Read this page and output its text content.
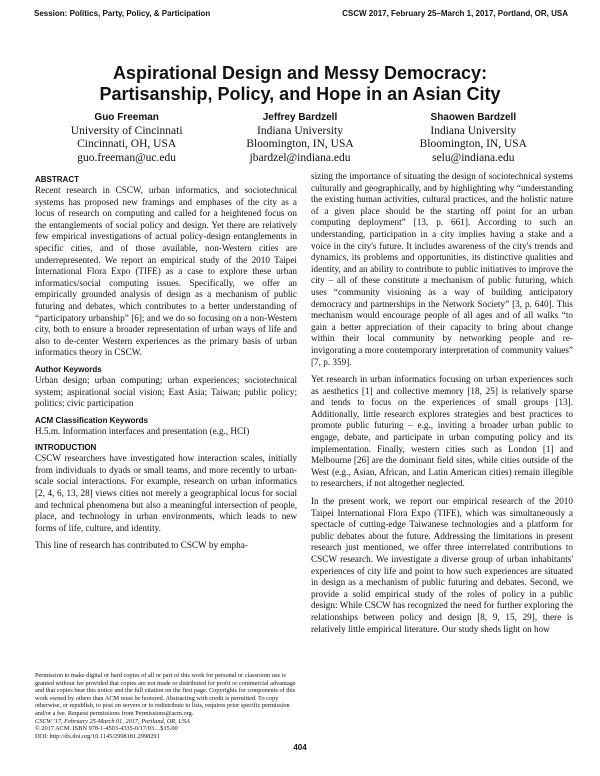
Session: Politics, Party, Policy, & Participation	CSCW 2017, February 25–March 1, 2017, Portland, OR, USA
Aspirational Design and Messy Democracy:
Partisanship, Policy, and Hope in an Asian City
Guo Freeman
University of Cincinnati
Cincinnati, OH, USA
guo.freeman@uc.edu
Jeffrey Bardzell
Indiana University
Bloomington, IN, USA
jbardzel@indiana.edu
Shaowen Bardzell
Indiana University
Bloomington, IN, USA
selu@indiana.edu
ABSTRACT

Recent research in CSCW, urban informatics, and sociotechnical systems has proposed new framings and emphases of the city as a locus of research on computing and called for a heightened focus on the entanglements of social policy and design. Yet there are relatively few empirical investigations of actual policy-design entanglements in specific cities, and of those available, non-Western cities are underrepresented. We report an empirical study of the 2010 Taipei International Flora Expo (TIFE) as a case to explore these urban informatics/social computing issues. Specifically, we offer an empirically grounded analysis of design as a mechanism of public futuring and debates, which contributes to a better understanding of “participatory urbanship” [6]; and we do so focusing on a non-Western city, both to ensure a broader representation of urban ways of life and also to de-center Western experiences as the primary basis of urban informatics theory in CSCW.

Author Keywords

Urban design; urban computing; urban experiences; sociotechnical system; aspirational social vision; East Asia; Taiwan; public policy; politics; civic participation

ACM Classification Keywords

H.5.m. Information interfaces and presentation (e.g., HCI)

INTRODUCTION

CSCW researchers have investigated how interaction scales, initially from individuals to dyads or small teams, and more recently to urban-scale social interactions. For example, research on urban informatics [2, 4, 6, 13, 28] views cities not merely a geographical locus for social and technical phenomena but also a meaningful intersection of people, place, and technology in urban environments, which leads to new forms of life, culture, and identity.

This line of research has contributed to CSCW by empha-

Permission to make digital or hard copies of all or part of this work for personal or classroom use is granted without fee provided that copies are not made or distributed for profit or commercial advantage and that copies bear this notice and the full citation on the first page. Copyrights for components of this work owned by others than ACM must be honored. Abstracting with credit is permitted. To copy otherwise, or republish, to post on servers or to redistribute to lists, requires prior specific permission and/or a fee. Request permissions from Permissions@acm.org.

CSCW '17, February 25-March 01, 2017, Portland, OR, USA

© 2017 ACM. ISBN 978-1-4503-4335-0/17/03…$15.00

DOI: http://dx.doi.org/10.1145/2998181.2998291

sizing the importance of situating the design of sociotechnical systems culturally and geographically, and by highlighting why “understanding the existing human activities, cultural practices, and the holistic nature of a given place should be the starting off point for an urban computing deployment” [13, p. 661]. According to such an understanding, participation in a city implies having a stake and a voice in the city's future. It includes awareness of the city's trends and dynamics, its problems and opportunities, its distinctive qualities and identity, and an ability to contribute to public initiatives to improve the city – all of these constitute a mechanism of public futuring, which uses “community visioning as a way of building anticipatory democracy and partnerships in the Network Society” [3, p. 640]. This mechanism would encourage people of all ages and of all walks “to gain a better appreciation of their capacity to bring about change within their local community by networking people and re-invigorating a more contemporary interpretation of community values” [7, p. 359].

Yet research in urban informatics focusing on urban experiences such as aesthetics [1] and collective memory [18, 25] is relatively sparse and tends to focus on the experiences of small groups [13]. Additionally, little research explores strategies and best practices to promote public futuring – e.g., inviting a broader urban public to engage, debate, and participate in urban computing policy and its implementation. Finally, western cities such as London [1] and Melbourne [26] are the dominant field sites, while cities outside of the West (e.g., Asian, African, and Latin American cities) remain illegible to researchers, if not altogether neglected.

In the present work, we report our empirical research of the 2010 Taipei International Flora Expo (TIFE), which was simultaneously a spectacle of cutting-edge Taiwanese technologies and a platform for public debates about the future. Addressing the limitations in present research just mentioned, we offer three interrelated contributions to CSCW research. We investigate a diverse group of urban inhabitants' experiences of city life and point to how such experiences are situated in design as a mechanism of public futuring and debates. Second, we provide a solid empirical study of the roles of policy in a public design: While CSCW has recognized the need for further exploring the relationships between policy and design [8, 9, 15, 29], there is relatively little empirical literature. Our study sheds light on how

404
